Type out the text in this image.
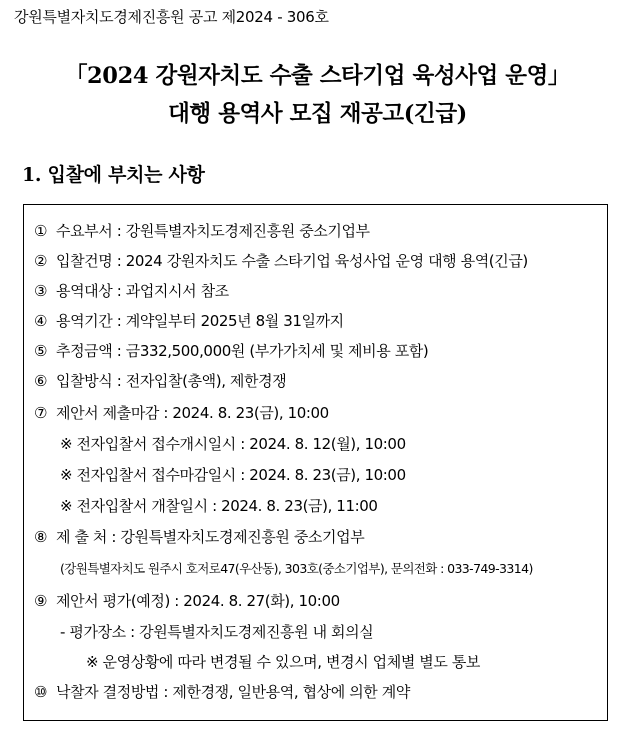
강원특별자치도경제진흥원 공고 제2024 - 306호
「2024 강원자치도 수출 스타기업 육성사업 운영」
대행 용역사 모집 재공고(긴급)
1. 입찰에 부치는 사항
① 수요부서 : 강원특별자치도경제진흥원 중소기업부
② 입찰건명 : 2024 강원자치도 수출 스타기업 육성사업 운영 대행 용역(긴급)
③ 용역대상 : 과업지시서 참조
④ 용역기간 : 계약일부터 2025년 8월 31일까지
⑤ 추정금액 : 금332,500,000원 (부가가치세 및 제비용 포함)
⑥ 입찰방식 : 전자입찰(총액), 제한경쟁
⑦ 제안서 제출마감 : 2024. 8. 23(금), 10:00
※ 전자입찰서 접수개시일시 : 2024. 8. 12(월), 10:00
※ 전자입찰서 접수마감일시 : 2024. 8. 23(금), 10:00
※ 전자입찰서 개찰일시 : 2024. 8. 23(금), 11:00
⑧ 제 출 처 : 강원특별자치도경제진흥원 중소기업부
(강원특별자치도 원주시 호저로47(우산동), 303호(중소기업부), 문의전화 : 033-749-3314)
⑨ 제안서 평가(예정) : 2024. 8. 27(화), 10:00
- 평가장소 : 강원특별자치도경제진흥원 내 회의실
※ 운영상황에 따라 변경될 수 있으며, 변경시 업체별 별도 통보
⑩ 낙찰자 결정방법 : 제한경쟁, 일반용역, 협상에 의한 계약
